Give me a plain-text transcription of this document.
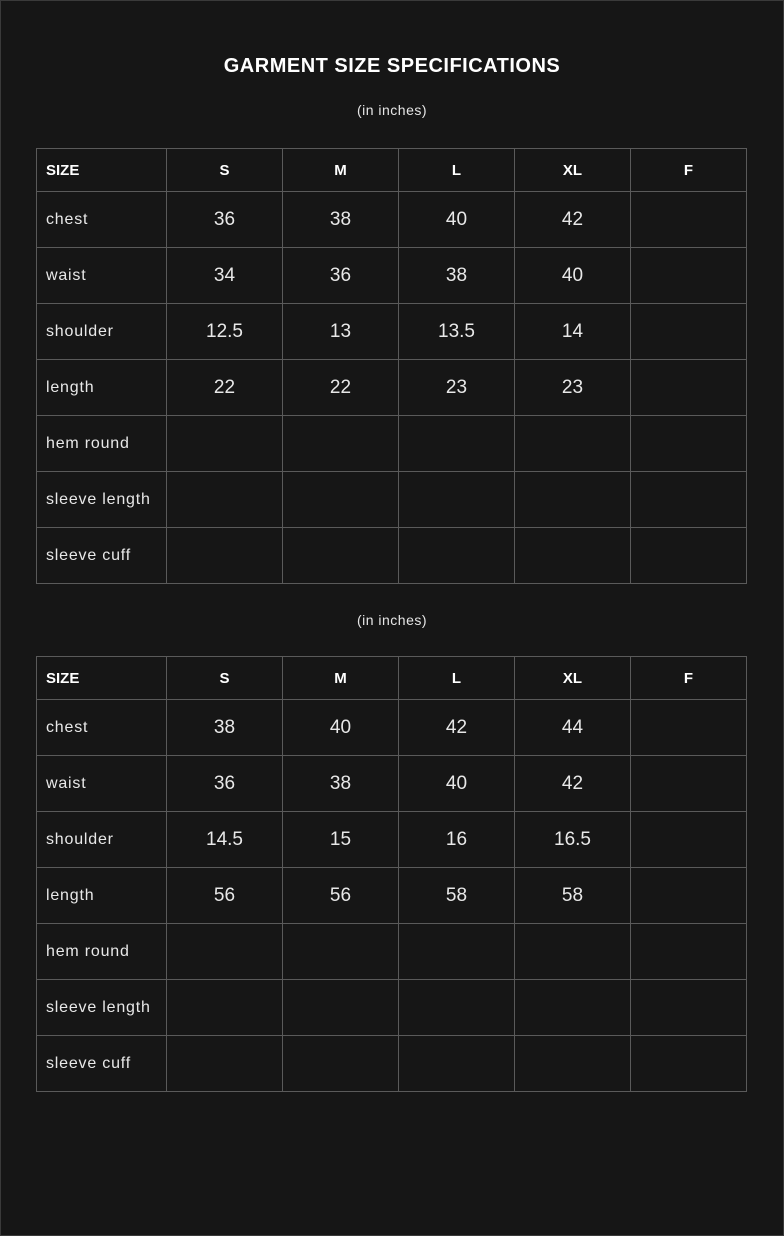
GARMENT SIZE SPECIFICATIONS
(in inches)
SIZE	S	M	L	XL	F
chest	36	38	40	42	
waist	34	36	38	40	
shoulder	12.5	13	13.5	14	
length	22	22	23	23	
hem round					
sleeve length					
sleeve cuff					
(in inches)
SIZE	S	M	L	XL	F
chest	38	40	42	44	
waist	36	38	40	42	
shoulder	14.5	15	16	16.5	
length	56	56	58	58	
hem round					
sleeve length					
sleeve cuff					
